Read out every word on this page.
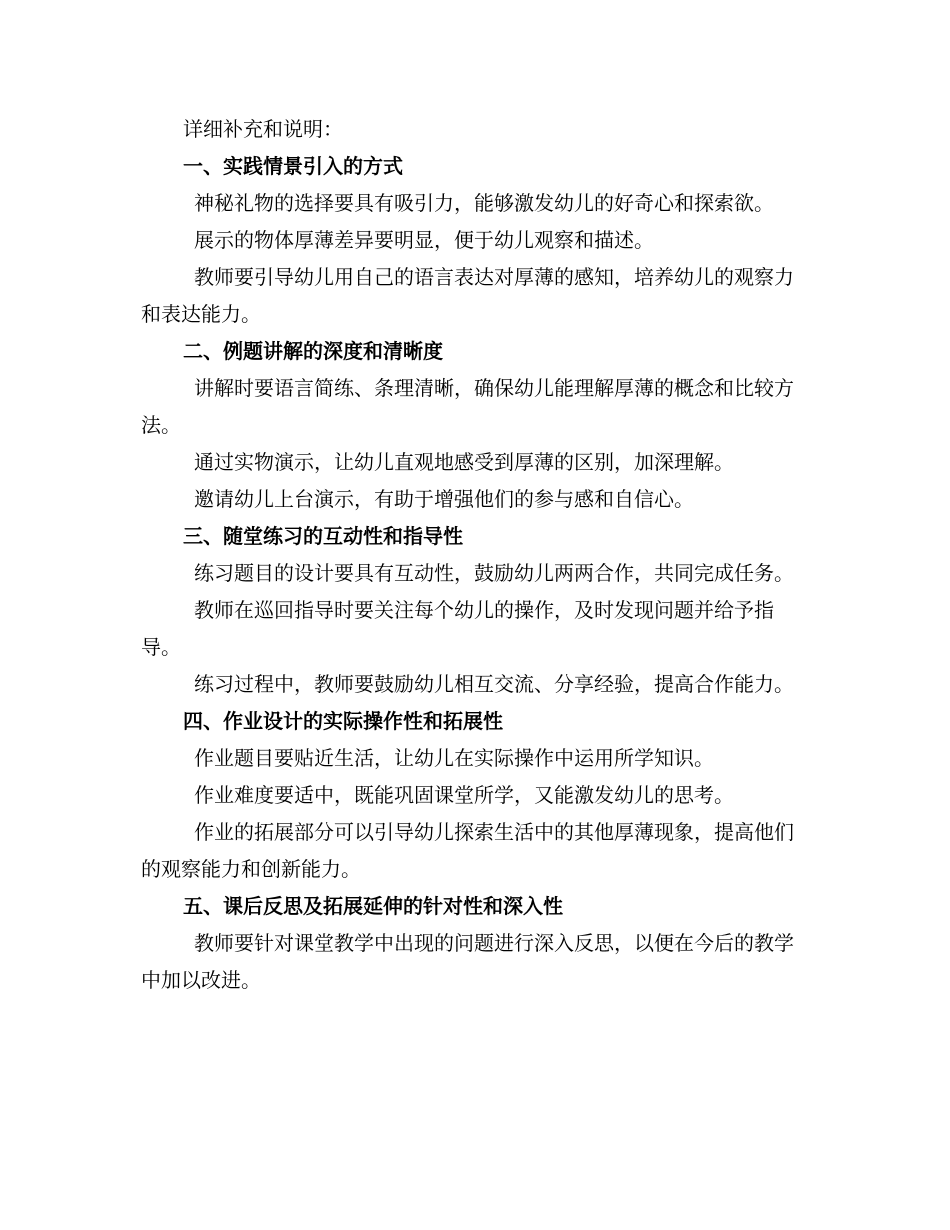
详细补充和说明：

一、实践情景引入的方式

神秘礼物的选择要具有吸引力，能够激发幼儿的好奇心和探索欲。

展示的物体厚薄差异要明显，便于幼儿观察和描述。

教师要引导幼儿用自己的语言表达对厚薄的感知，培养幼儿的观察力和表达能力。

二、例题讲解的深度和清晰度

讲解时要语言简练、条理清晰，确保幼儿能理解厚薄的概念和比较方法。

通过实物演示，让幼儿直观地感受到厚薄的区别，加深理解。

邀请幼儿上台演示，有助于增强他们的参与感和自信心。

三、随堂练习的互动性和指导性

练习题目的设计要具有互动性，鼓励幼儿两两合作，共同完成任务。

教师在巡回指导时要关注每个幼儿的操作，及时发现问题并给予指导。

练习过程中，教师要鼓励幼儿相互交流、分享经验，提高合作能力。

四、作业设计的实际操作性和拓展性

作业题目要贴近生活，让幼儿在实际操作中运用所学知识。

作业难度要适中，既能巩固课堂所学，又能激发幼儿的思考。

作业的拓展部分可以引导幼儿探索生活中的其他厚薄现象，提高他们的观察能力和创新能力。

五、课后反思及拓展延伸的针对性和深入性

教师要针对课堂教学中出现的问题进行深入反思，以便在今后的教学中加以改进。
